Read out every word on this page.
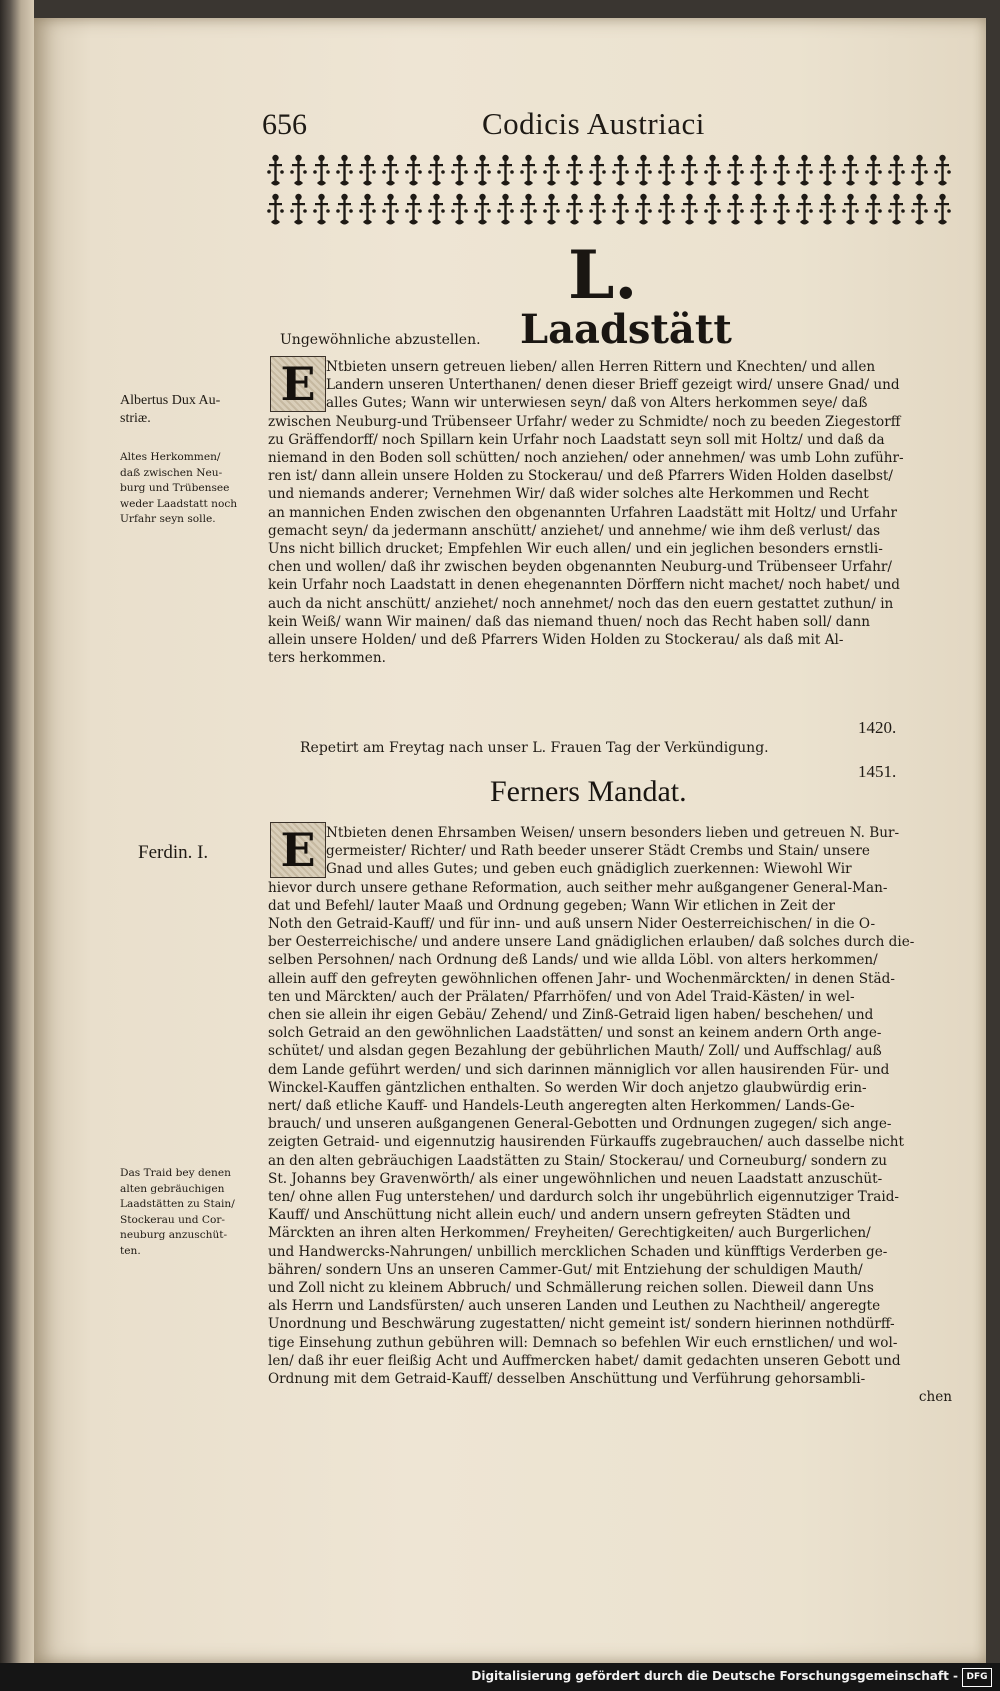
656	Codicis Austriaci
L.
Laadstätt
Ungewöhnliche abzustellen.
E Ntbieten unsern getreuen lieben/ allen Herren Rittern und Knechten/ und allen
Landern unseren Unterthanen/ denen dieser Brieff gezeigt wird/ unsere Gnad/ und
alles Gutes; Wann wir unterwiesen seyn/ daß von Alters herkommen seye/ daß
zwischen Neuburg-und Trübenseer Urfahr/ weder zu Schmidte/ noch zu beeden Ziegestorff
zu Gräffendorff/ noch Spillarn kein Urfahr noch Laadstatt seyn soll mit Holtz/ und daß da
niemand in den Boden soll schütten/ noch anziehen/ oder annehmen/ was umb Lohn zuführ-
ren ist/ dann allein unsere Holden zu Stockerau/ und deß Pfarrers Widen Holden daselbst/
und niemands anderer; Vernehmen Wir/ daß wider solches alte Herkommen und Recht
an mannichen Enden zwischen den obgenannten Urfahren Laadstätt mit Holtz/ und Urfahr
gemacht seyn/ da jedermann anschütt/ anziehet/ und annehme/ wie ihm deß verlust/ das
Uns nicht billich drucket; Empfehlen Wir euch allen/ und ein jeglichen besonders ernstli-
chen und wollen/ daß ihr zwischen beyden obgenannten Neuburg-und Trübenseer Urfahr/
kein Urfahr noch Laadstatt in denen ehegenannten Dörffern nicht machet/ noch habet/ und
auch da nicht anschütt/ anziehet/ noch annehmet/ noch das den euern gestattet zuthun/ in
kein Weiß/ wann Wir mainen/ daß das niemand thuen/ noch das Recht haben soll/ dann
allein unsere Holden/ und deß Pfarrers Widen Holden zu Stockerau/ als daß mit Al-
ters herkommen.
1420.
Repetirt am Freytag nach unser L. Frauen Tag der Verkündigung.
1451.
Ferners Mandat.
E Ntbieten denen Ehrsamben Weisen/ unsern besonders lieben und getreuen N. Bur-
germeister/ Richter/ und Rath beeder unserer Städt Crembs und Stain/ unsere
Gnad und alles Gutes; und geben euch gnädiglich zuerkennen: Wiewohl Wir
hievor durch unsere gethane Reformation, auch seither mehr außgangener General-Man-
dat und Befehl/ lauter Maaß und Ordnung gegeben; Wann Wir etlichen in Zeit der
Noth den Getraid-Kauff/ und für inn- und auß unsern Nider Oesterreichischen/ in die O-
ber Oesterreichische/ und andere unsere Land gnädiglichen erlauben/ daß solches durch die-
selben Persohnen/ nach Ordnung deß Lands/ und wie allda Löbl. von alters herkommen/
allein auff den gefreyten gewöhnlichen offenen Jahr- und Wochenmärckten/ in denen Städ-
ten und Märckten/ auch der Prälaten/ Pfarrhöfen/ und von Adel Traid-Kästen/ in wel-
chen sie allein ihr eigen Gebäu/ Zehend/ und Zinß-Getraid ligen haben/ beschehen/ und
solch Getraid an den gewöhnlichen Laadstätten/ und sonst an keinem andern Orth ange-
schütet/ und alsdan gegen Bezahlung der gebührlichen Mauth/ Zoll/ und Auffschlag/ auß
dem Lande geführt werden/ und sich darinnen männiglich vor allen hausirenden Für- und
Winckel-Kauffen gäntzlichen enthalten. So werden Wir doch anjetzo glaubwürdig erin-
nert/ daß etliche Kauff- und Handels-Leuth angeregten alten Herkommen/ Lands-Ge-
brauch/ und unseren außgangenen General-Gebotten und Ordnungen zugegen/ sich ange-
zeigten Getraid- und eigennutzig hausirenden Fürkauffs zugebrauchen/ auch dasselbe nicht
an den alten gebräuchigen Laadstätten zu Stain/ Stockerau/ und Corneuburg/ sondern zu
St. Johanns bey Gravenwörth/ als einer ungewöhnlichen und neuen Laadstatt anzuschüt-
ten/ ohne allen Fug unterstehen/ und dardurch solch ihr ungebührlich eigennutziger Traid-
Kauff/ und Anschüttung nicht allein euch/ und andern unsern gefreyten Städten und
Märckten an ihren alten Herkommen/ Freyheiten/ Gerechtigkeiten/ auch Burgerlichen/
und Handwercks-Nahrungen/ unbillich mercklichen Schaden und künfftigs Verderben ge-
bähren/ sondern Uns an unseren Cammer-Gut/ mit Entziehung der schuldigen Mauth/
und Zoll nicht zu kleinem Abbruch/ und Schmällerung reichen sollen. Dieweil dann Uns
als Herrn und Landsfürsten/ auch unseren Landen und Leuthen zu Nachtheil/ angeregte
Unordnung und Beschwärung zugestatten/ nicht gemeint ist/ sondern hierinnen nothdürff-
tige Einsehung zuthun gebühren will: Demnach so befehlen Wir euch ernstlichen/ und wol-
len/ daß ihr euer fleißig Acht und Auffmercken habet/ damit gedachten unseren Gebott und
Ordnung mit dem Getraid-Kauff/ desselben Anschüttung und Verführung gehorsambli-
chen
Albertus Dux Au-
striæ.
Altes Herkommen/
daß zwischen Neu-
burg und Trübensee
weder Laadstatt noch
Urfahr seyn solle.
Ferdin. I.
Das Traid bey denen
alten gebräuchigen
Laadstätten zu Stain/
Stockerau und Cor-
neuburg anzuschüt-
ten.
Digitalisierung gefördert durch die Deutsche Forschungsgemeinschaft - DFG
